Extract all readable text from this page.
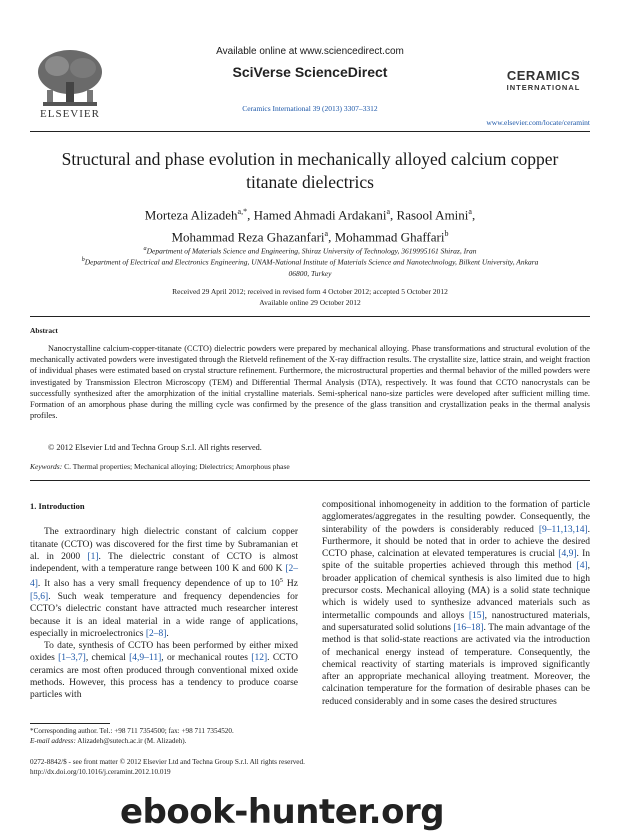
ELSEVIER
Available online at www.sciencedirect.com
SciVerse ScienceDirect
Ceramics International 39 (2013) 3307–3312
CERAMICS
INTERNATIONAL
www.elsevier.com/locate/ceramint
Structural and phase evolution in mechanically alloyed calcium copper
titanate dielectrics
Morteza Alizadeh$^{a,*}$, Hamed Ahmadi Ardakani$^a$, Rasool Amini$^a$,
Mohammad Reza Ghazanfari$^a$, Mohammad Ghaffari$^b$
$^a$Department of Materials Science and Engineering, Shiraz University of Technology, 3619995161 Shiraz, Iran
$^b$Department of Electrical and Electronics Engineering, UNAM-National Institute of Materials Science and Nanotechnology, Bilkent University, Ankara
06800, Turkey
Received 29 April 2012; received in revised form 4 October 2012; accepted 5 October 2012
Available online 29 October 2012
Abstract
Nanocrystalline calcium-copper-titanate (CCTO) dielectric powders were prepared by mechanical alloying. Phase transformations and structural evolution of the mechanically activated powders were investigated through the Rietveld refinement of the X-ray diffraction results. The crystallite size, lattice strain, and weight fraction of individual phases were estimated based on crystal structure refinement. Furthermore, the microstructural properties and thermal behavior of the milled powders were investigated by Transmission Electron Microscopy (TEM) and Differential Thermal Analysis (DTA), respectively. It was found that CCTO nanocrystals can be successfully synthesized after the amorphization of the initial crystalline materials. Semi-spherical nano-size particles were developed after sufficient milling time. Formation of an amorphous phase during the milling cycle was confirmed by the presence of the glass transition and crystallization peaks in the thermal analysis profiles.
© 2012 Elsevier Ltd and Techna Group S.r.l. All rights reserved.
Keywords: C. Thermal properties; Mechanical alloying; Dielectrics; Amorphous phase
1. Introduction

The extraordinary high dielectric constant of calcium copper titanate (CCTO) was discovered for the first time by Subramanian et al. in 2000 [1]. The dielectric constant of CCTO is almost independent, with a temperature range between 100 K and 600 K [2–4]. It also has a very small frequency dependence of up to $10^5$ Hz [5,6]. Such weak temperature and frequency dependencies for CCTO’s dielectric constant have attracted much researcher interest because it is an ideal material in a wide range of applications, especially in microelectronics [2–8].

To date, synthesis of CCTO has been performed by either mixed oxides [1–3,7], chemical [4,9–11], or mechanical routes [12]. CCTO ceramics are most often produced through conventional mixed oxide methods. However, this process has a tendency to produce coarse particles with

compositional inhomogeneity in addition to the formation of particle agglomerates/aggregates in the resulting powder. Consequently, the sinterability of the powders is considerably reduced [9–11,13,14]. Furthermore, it should be noted that in order to achieve the desired CCTO phase, calcination at elevated temperatures is crucial [4,9]. In spite of the suitable properties achieved through this method [4], broader application of chemical synthesis is also limited due to high precursor costs. Mechanical alloying (MA) is a solid state technique which is widely used to synthesize advanced materials such as intermetallic compounds and alloys [15], nanostructured materials, and supersaturated solid solutions [16–18]. The main advantage of the method is that solid-state reactions are activated via the introduction of mechanical energy instead of temperature. Consequently, the chemical reactivity of starting materials is improved significantly after an appropriate mechanical alloying treatment. Moreover, the calcination temperature for the formation of desirable phases can be reduced considerably and in some cases the desired structures

*Corresponding author. Tel.: +98 711 7354500; fax: +98 711 7354520.
E-mail address: Alizadeh@sutech.ac.ir (M. Alizadeh).
0272-8842/$ - see front matter © 2012 Elsevier Ltd and Techna Group S.r.l. All rights reserved.
http://dx.doi.org/10.1016/j.ceramint.2012.10.019
ebook-hunter.org
